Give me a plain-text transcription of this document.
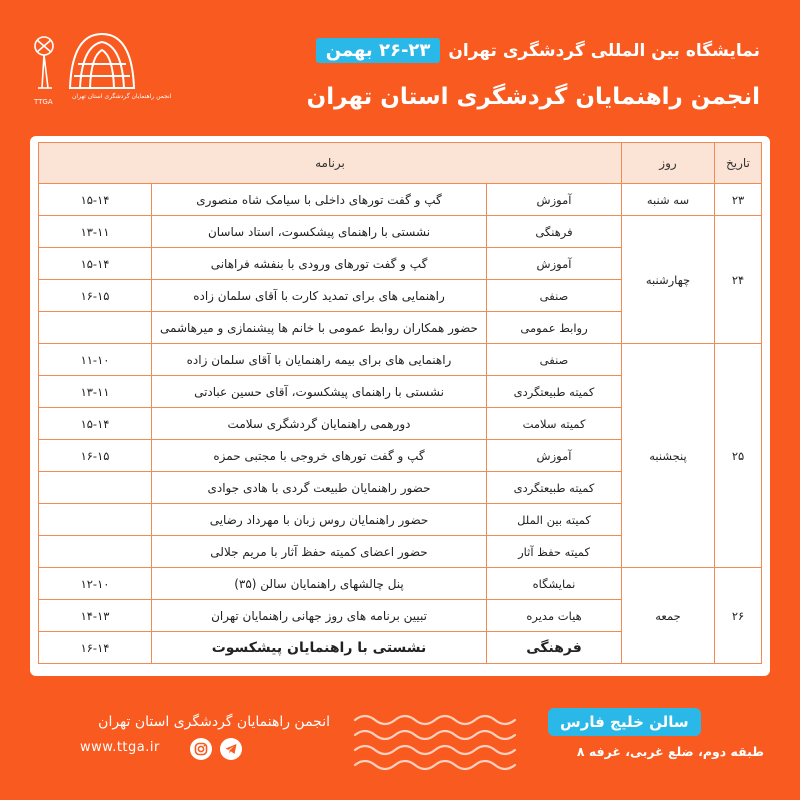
TTGA
انجمن راهنمایان گردشگری استان تهران
نمایشگاه بین المللی گردشگری تهران
۲۶-۲۳ بهمن
انجمن راهنمایان گردشگری استان تهران
تاریخ	روز	برنامه		
۲۳	سه شنبه	آموزش	گپ و گفت تورهای داخلی با سیامک شاه منصوری	۱۵-۱۴
۲۴	چهارشنبه	فرهنگی	نشستی با راهنمای پیشکسوت، استاد ساسان	۱۳-۱۱
		آموزش	گپ و گفت تورهای ورودی با بنفشه فراهانی	۱۵-۱۴
		صنفی	راهنمایی های برای تمدید کارت با آقای سلمان زاده	۱۶-۱۵
		روابط عمومی	حضور همکاران روابط عمومی با خانم ها پیشنمازی و میرهاشمی	
۲۵	پنجشنبه	صنفی	راهنمایی های برای بیمه راهنمایان با آقای سلمان زاده	۱۱-۱۰
		کمیته طبیعتگردی	نشستی با راهنمای پیشکسوت، آقای حسین عبادتی	۱۳-۱۱
		کمیته سلامت	دورهمی راهنمایان گردشگری سلامت	۱۵-۱۴
		آموزش	گپ و گفت تورهای خروجی با مجتبی حمزه	۱۶-۱۵
		کمیته طبیعتگردی	حضور راهنمایان طبیعت گردی با هادی جوادی	
		کمیته بین الملل	حضور راهنمایان روس زبان با مهرداد رضایی	
		کمیته حفظ آثار	حضور اعضای کمیته حفظ آثار با مریم جلالی	
۲۶	جمعه	نمایشگاه	پنل چالشهای راهنمایان سالن (۳۵)	۱۲-۱۰
		هیات مدیره	تبیین برنامه های روز جهانی راهنمایان تهران	۱۴-۱۳
		فرهنگی	نشستی با راهنمایان پیشکسوت	۱۶-۱۴
انجمن راهنمایان گردشگری استان تهران
www.ttga.ir
سالن خلیج فارس
طبقه دوم، ضلع غربی، غرفه ۸
